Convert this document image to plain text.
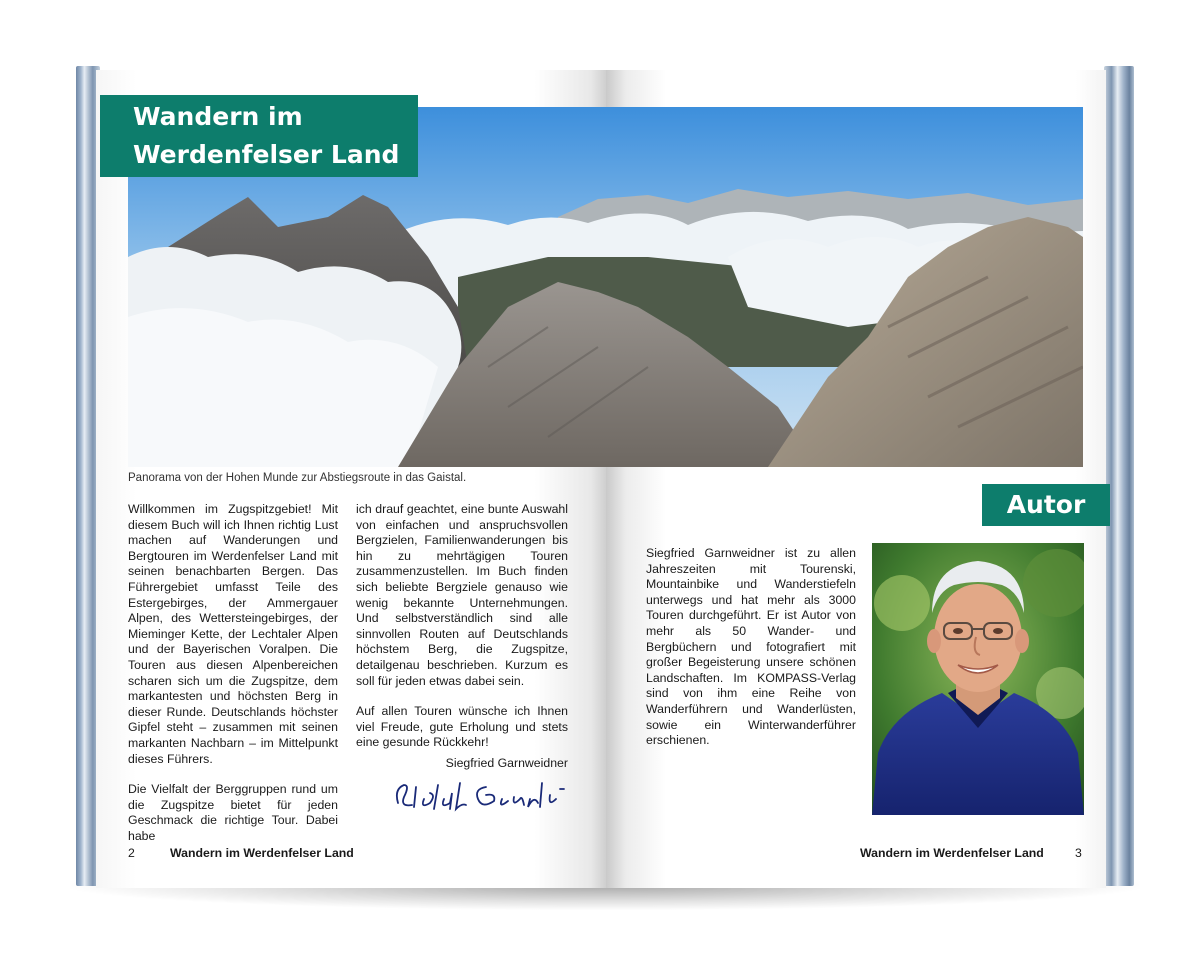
Wandern im
Werdenfelser Land
Panorama von der Hohen Munde zur Abstiegsroute in das Gaistal.

Willkommen im Zugspitzgebiet! Mit diesem Buch will ich Ihnen richtig Lust machen auf Wanderungen und Bergtouren im Werdenfelser Land mit seinen benachbarten Bergen. Das Führergebiet umfasst Teile des Estergebirges, der Ammergauer Alpen, des Wettersteingebirges, der Mieminger Kette, der Lechtaler Alpen und der Bayerischen Voralpen. Die Touren aus diesen Alpenbereichen scharen sich um die Zugspitze, dem markantesten und höchsten Berg in dieser Runde. Deutschlands höchster Gipfel steht – zusammen mit seinen markanten Nachbarn – im Mittelpunkt dieses Führers.

Die Vielfalt der Berggruppen rund um die Zugspitze bietet für jeden Geschmack die richtige Tour. Dabei habe

ich drauf geachtet, eine bunte Auswahl von einfachen und anspruchsvollen Bergzielen, Familienwanderungen bis hin zu mehrtägigen Touren zusammenzustellen. Im Buch finden sich beliebte Bergziele genauso wie wenig bekannte Unternehmungen. Und selbstverständlich sind alle sinnvollen Routen auf Deutschlands höchstem Berg, die Zugspitze, detailgenau beschrieben. Kurzum es soll für jeden etwas dabei sein.

Auf allen Touren wünsche ich Ihnen viel Freude, gute Erholung und stets eine gesunde Rückkehr!

Siegfried Garnweidner
Autor

Siegfried Garnweidner ist zu allen Jahreszeiten mit Tourenski, Mountainbike und Wanderstiefeln unterwegs und hat mehr als 3000 Touren durchgeführt. Er ist Autor von mehr als 50 Wander- und Bergbüchern und fotografiert mit großer Begeisterung unsere schönen Landschaften. Im KOMPASS-Verlag sind von ihm eine Reihe von Wanderführern und Wanderlüsten, sowie ein Winterwanderführer erschienen.

2	Wandern im Werdenfelser Land	Wandern im Werdenfelser Land	3
